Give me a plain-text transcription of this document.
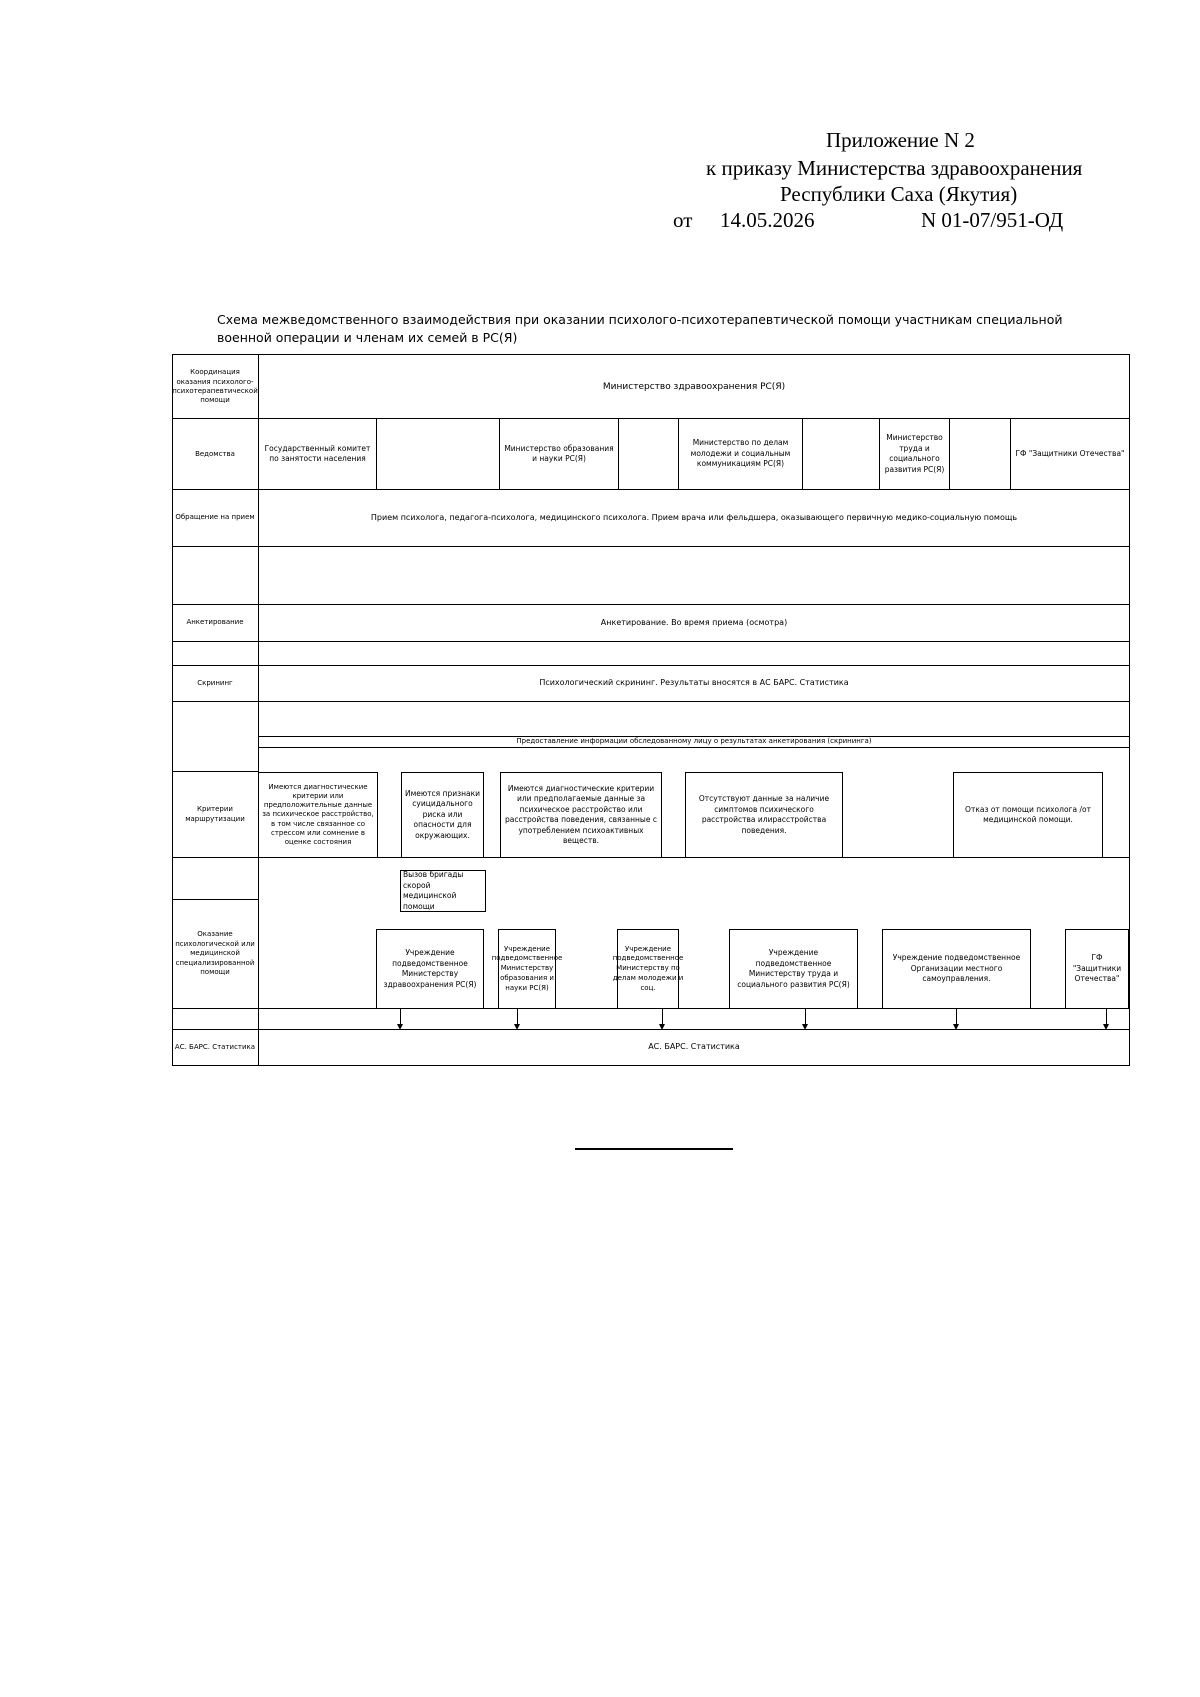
Приложение N 2
к приказу Министерства здравоохранения
Республики Саха (Якутия)
от 14.05.2026	N 01-07/951-ОД
Схема межведомственного взаимодействия при оказании психолого-психотерапевтической помощи участникам специальной военной операции и членам их семей в РС(Я)
Координация оказания психолого-психотерапевтической помощи
Ведомства
Обращение на прием
Анкетирование
Скрининг
Критерии маршрутизации
Оказание психологической или медицинской специализированной помощи
АС. БАРС. Статистика
Министерство здравоохранения РС(Я)
Государственный комитет по занятости населения
Министерство образования и науки РС(Я)
Министерство по делам молодежи и социальным коммуникациям РС(Я)
Министерство труда и социального развития РС(Я)
ГФ "Защитники Отечества"
Прием психолога, педагога-психолога, медицинского психолога. Прием врача или фельдшера, оказывающего первичную медико-социальную помощь
Анкетирование. Во время приема (осмотра)
Психологический скрининг. Результаты вносятся в АС БАРС. Статистика
Предоставление информации обследованному лицу о результатах анкетирования (скрининга)
Имеются диагностические критерии или предположительные данные за психическое расстройство, в том числе связанное со стрессом или сомнение в оценке состояния
Имеются признаки суицидального риска или опасности для окружающих.
Имеются диагностические критерии или предполагаемые данные за психическое расстройство или расстройства поведения, связанные с употреблением психоактивных веществ.
Отсутствуют данные за наличие симптомов психического расстройства илирасстройства поведения.
Отказ от помощи психолога /от медицинской помощи.
Вызов бригады скорой медицинской помощи
Учреждение подведомственное Министерству здравоохранения РС(Я)
Учреждение подведомственное Министерству образования и науки РС(Я)
Учреждение подведомственное Министерству по делам молодежи и соц.
Учреждение подведомственное Министерству труда и социального развития РС(Я)
Учреждение подведомственное Организации местного самоуправления.
ГФ "Защитники Отечества"
АС. БАРС. Статистика
